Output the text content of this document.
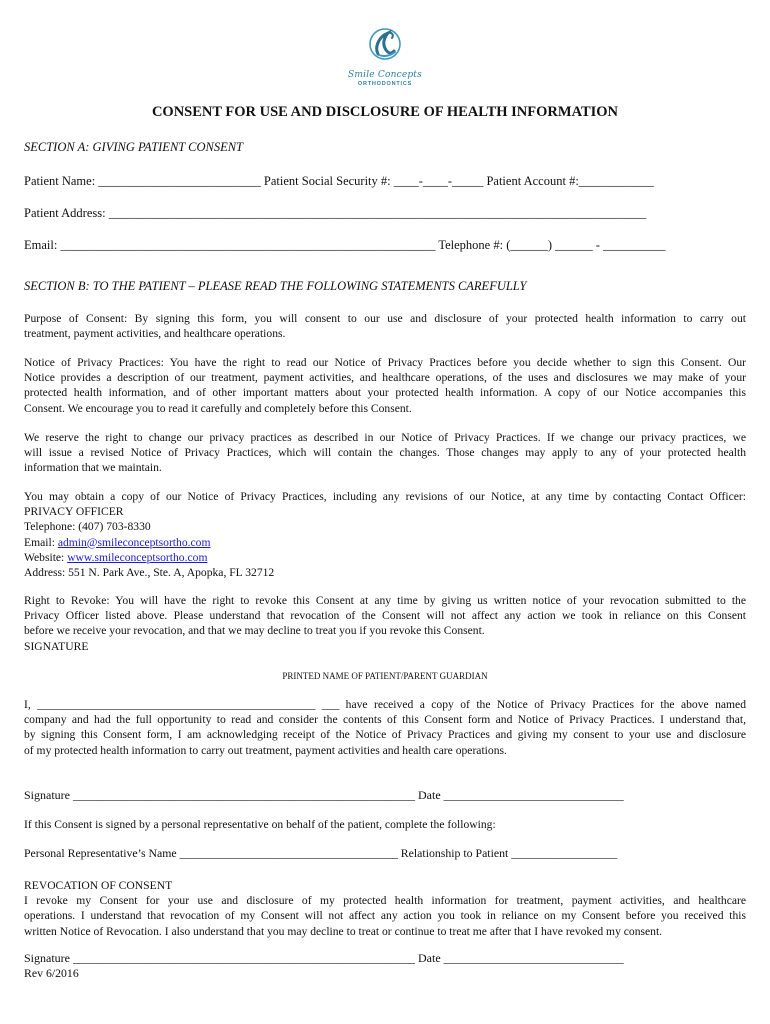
Smile Concepts
ORTHODONTICS
CONSENT FOR USE AND DISCLOSURE OF HEALTH INFORMATION
SECTION A: GIVING PATIENT CONSENT
Patient Name: __________________________ Patient Social Security #: ____-____-_____ Patient Account #:____________
Patient Address: ______________________________________________________________________________________
Email: ____________________________________________________________ Telephone #: (______) ______ - __________
SECTION B: TO THE PATIENT – PLEASE READ THE FOLLOWING STATEMENTS CAREFULLY
Purpose of Consent: By signing this form, you will consent to our use and disclosure of your protected health information to carry out
treatment, payment activities, and healthcare operations.
Notice of Privacy Practices: You have the right to read our Notice of Privacy Practices before you decide whether to sign this Consent. Our
Notice provides a description of our treatment, payment activities, and healthcare operations, of the uses and disclosures we may make of your
protected health information, and of other important matters about your protected health information. A copy of our Notice accompanies this
Consent. We encourage you to read it carefully and completely before this Consent.
We reserve the right to change our privacy practices as described in our Notice of Privacy Practices. If we change our privacy practices, we
will issue a revised Notice of Privacy Practices, which will contain the changes. Those changes may apply to any of your protected health
information that we maintain.
You may obtain a copy of our Notice of Privacy Practices, including any revisions of our Notice, at any time by contacting Contact Officer:
PRIVACY OFFICER
Telephone: (407) 703-8330
Email: admin@smileconceptsortho.com
Website: www.smileconceptsortho.com
Address: 551 N. Park Ave., Ste. A, Apopka, FL 32712
Right to Revoke: You will have the right to revoke this Consent at any time by giving us written notice of your revocation submitted to the
Privacy Officer listed above. Please understand that revocation of the Consent will not affect any action we took in reliance on this Consent
before we receive your revocation, and that we may decline to treat you if you revoke this Consent.
SIGNATURE
PRINTED NAME OF PATIENT/PARENT GUARDIAN
I, ________________________________________________ ___ have received a copy of the Notice of Privacy Practices for the above named
company and had the full opportunity to read and consider the contents of this Consent form and Notice of Privacy Practices. I understand that,
by signing this Consent form, I am acknowledging receipt of the Notice of Privacy Practices and giving my consent to your use and disclosure
of my protected health information to carry out treatment, payment activities and health care operations.
Signature _________________________________________________________ Date ______________________________
If this Consent is signed by a personal representative on behalf of the patient, complete the following:
Personal Representative’s Name _____________________________________ Relationship to Patient __________________
REVOCATION OF CONSENT
I revoke my Consent for your use and disclosure of my protected health information for treatment, payment activities, and healthcare
operations. I understand that revocation of my Consent will not affect any action you took in reliance on my Consent before you received this
written Notice of Revocation. I also understand that you may decline to treat or continue to treat me after that I have revoked my consent.
Signature _________________________________________________________ Date ______________________________
Rev 6/2016
